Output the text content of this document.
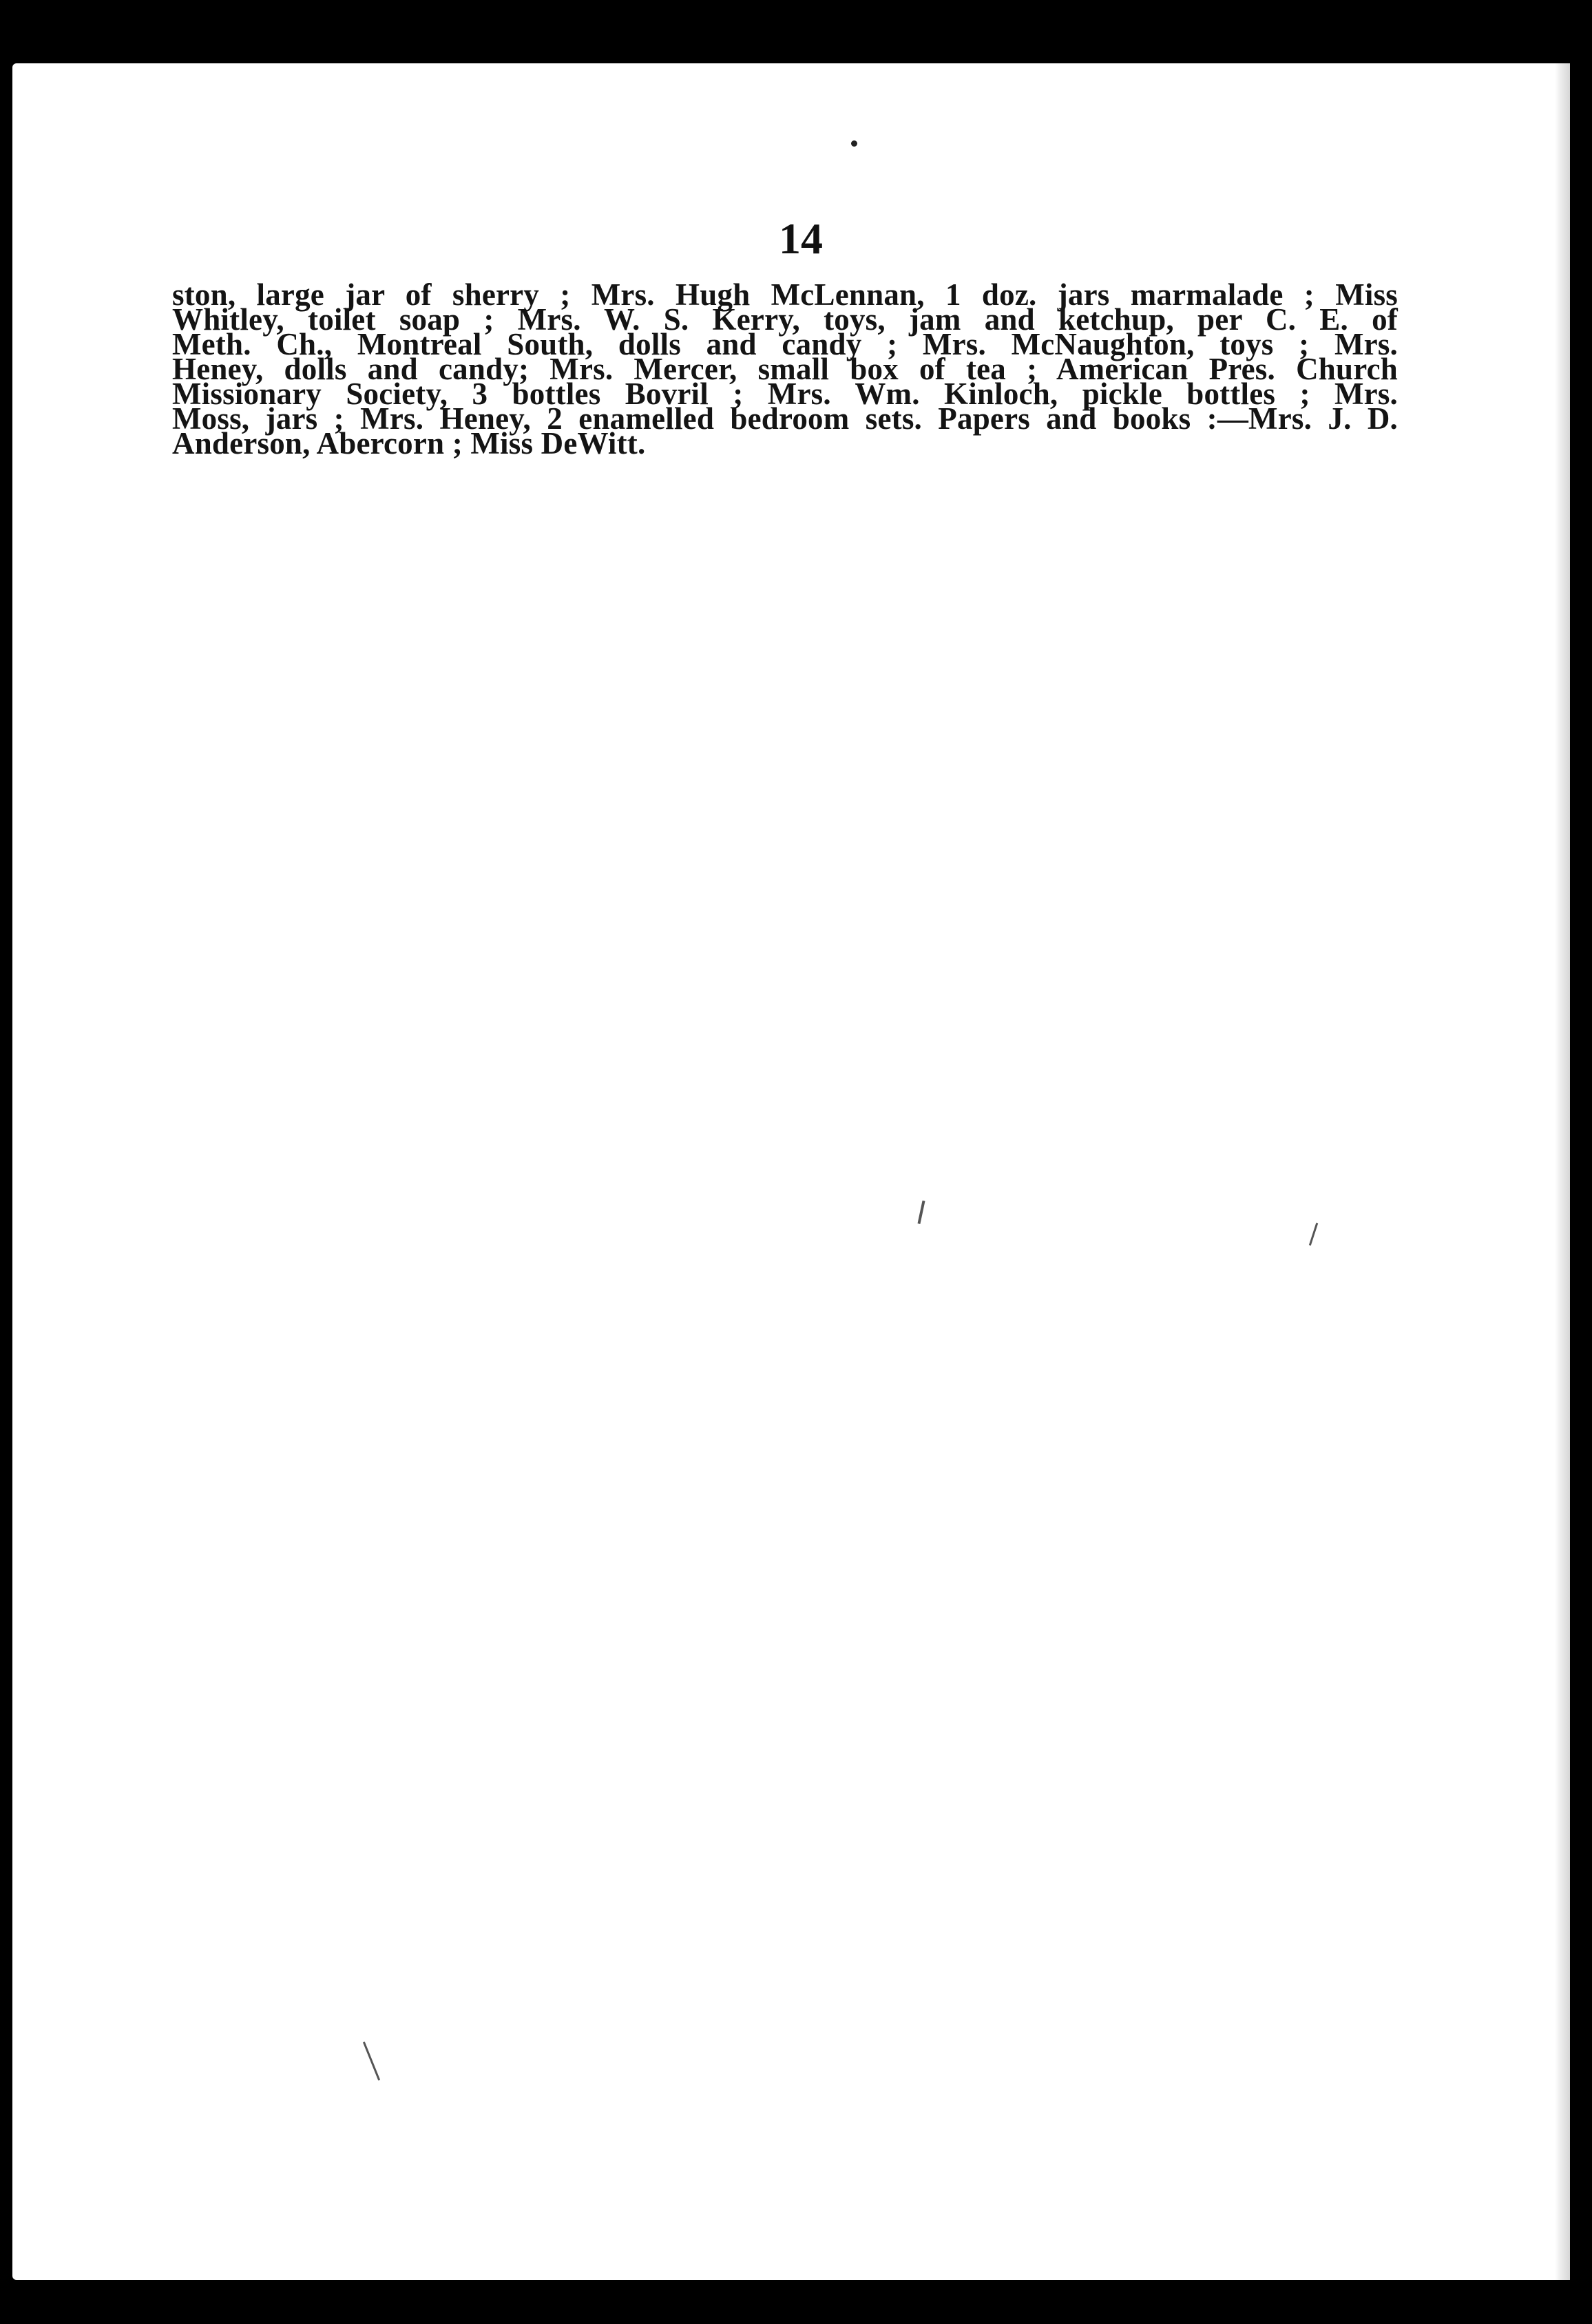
14
ston, large jar of sherry ; Mrs. Hugh McLennan, 1 doz. jars marmalade ; Miss
Whitley, toilet soap ; Mrs. W. S. Kerry, toys, jam and ketchup, per C. E. of
Meth. Ch., Montreal South, dolls and candy ; Mrs. McNaughton, toys ; Mrs.
Heney, dolls and candy; Mrs. Mercer, small box of tea ; American Pres. Church
Missionary Society, 3 bottles Bovril ; Mrs. Wm. Kinloch, pickle bottles ; Mrs.
Moss, jars ; Mrs. Heney, 2 enamelled bedroom sets. Papers and books :—Mrs. J. D.
Anderson, Abercorn ; Miss DeWitt.
